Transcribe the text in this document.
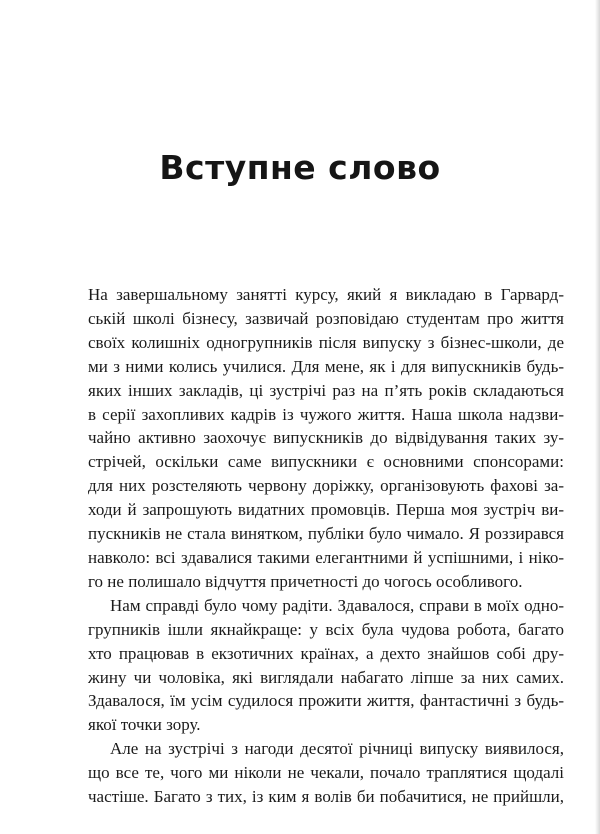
Вступне слово
На завершальному занятті курсу, який я викладаю в Гарвард-
ській школі бізнесу, зазвичай розповідаю студентам про життя
своїх колишніх одногрупників після випуску з бізнес-школи, де
ми з ними колись училися. Для мене, як і для випускників будь-
яких інших закладів, ці зустрічі раз на п’ять років складаються
в серії захопливих кадрів із чужого життя. Наша школа надзви-
чайно активно заохочує випускників до відвідування таких зу-
стрічей, оскільки саме випускники є основними спонсорами:
для них розстеляють червону доріжку, організовують фахові за-
ходи й запрошують видатних промовців. Перша моя зустріч ви-
пускників не стала винятком, публіки було чимало. Я роззирався
навколо: всі здавалися такими елегантними й успішними, і ніко-
го не полишало відчуття причетності до чогось особливого.
Нам справді було чому радіти. Здавалося, справи в моїх одно-
групників ішли якнайкраще: у всіх була чудова робота, багато
хто працював в екзотичних країнах, а дехто знайшов собі дру-
жину чи чоловіка, які виглядали набагато ліпше за них самих.
Здавалося, їм усім судилося прожити життя, фантастичні з будь-
якої точки зору.
Але на зустрічі з нагоди десятої річниці випуску виявилося,
що все те, чого ми ніколи не чекали, почало траплятися щодалі
частіше. Багато з тих, із ким я волів би побачитися, не прийшли,
